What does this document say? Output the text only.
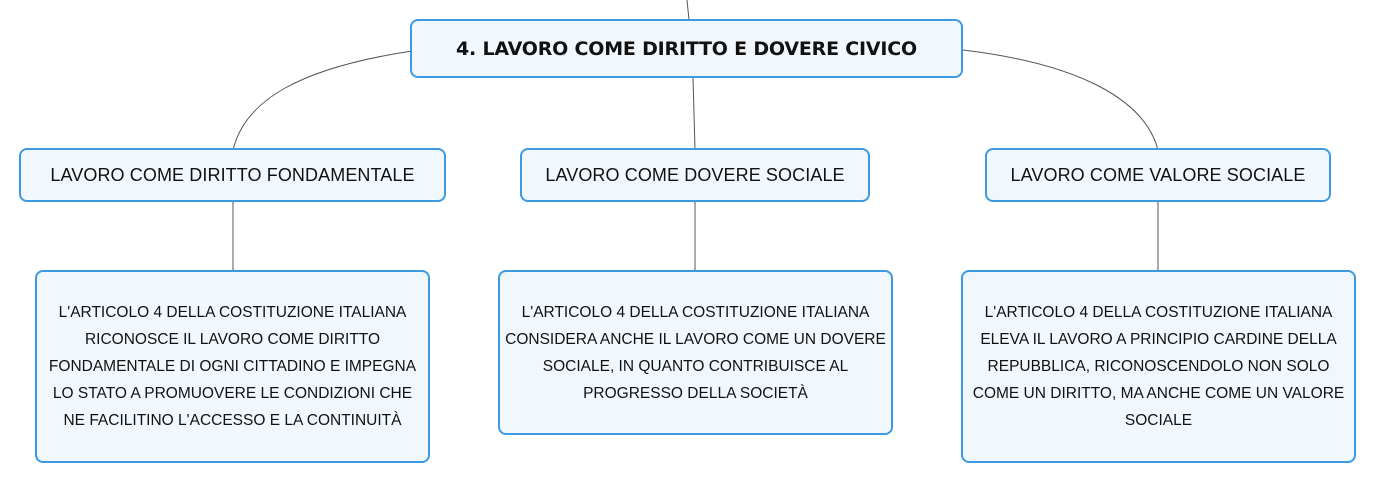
4. LAVORO COME DIRITTO E DOVERE CIVICO
LAVORO COME DIRITTO FONDAMENTALE	LAVORO COME DOVERE SOCIALE	LAVORO COME VALORE SOCIALE
L'ARTICOLO 4 DELLA COSTITUZIONE ITALIANA RICONOSCE IL LAVORO COME DIRITTO FONDAMENTALE DI OGNI CITTADINO E IMPEGNA LO STATO A PROMUOVERE LE CONDIZIONI CHE NE FACILITINO L'ACCESSO E LA CONTINUITÀ
L'ARTICOLO 4 DELLA COSTITUZIONE ITALIANA CONSIDERA ANCHE IL LAVORO COME UN DOVERE SOCIALE, IN QUANTO CONTRIBUISCE AL PROGRESSO DELLA SOCIETÀ
L'ARTICOLO 4 DELLA COSTITUZIONE ITALIANA ELEVA IL LAVORO A PRINCIPIO CARDINE DELLA REPUBBLICA, RICONOSCENDOLO NON SOLO COME UN DIRITTO, MA ANCHE COME UN VALORE SOCIALE
